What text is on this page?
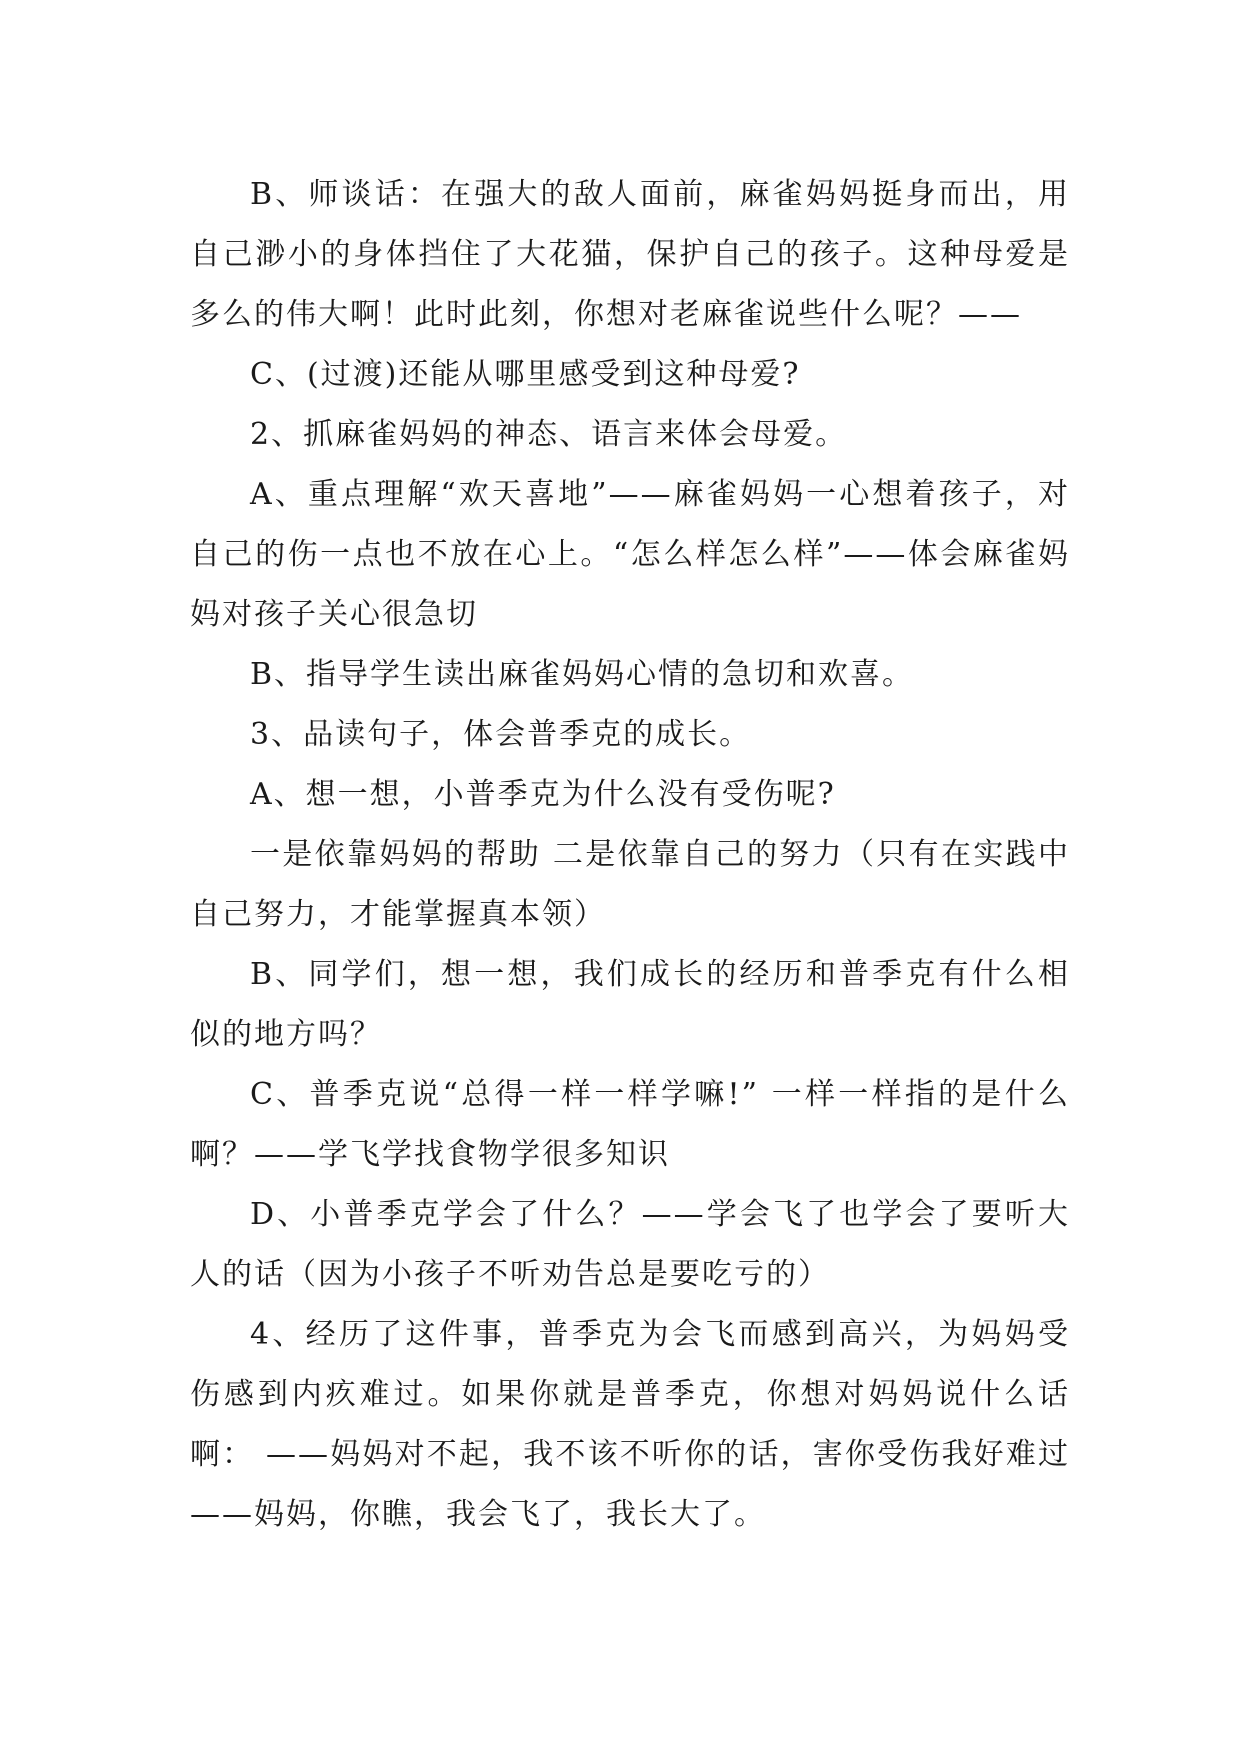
B、师谈话：在强大的敌人面前，麻雀妈妈挺身而出，用自己渺小的身体挡住了大花猫，保护自己的孩子。这种母爱是多么的伟大啊！此时此刻，你想对老麻雀说些什么呢？——

C、(过渡)还能从哪里感受到这种母爱?

2、抓麻雀妈妈的神态、语言来体会母爱。

A、重点理解“欢天喜地”——麻雀妈妈一心想着孩子，对自己的伤一点也不放在心上。“怎么样怎么样”——体会麻雀妈妈对孩子关心很急切

B、指导学生读出麻雀妈妈心情的急切和欢喜。

3、品读句子，体会普季克的成长。

A、想一想，小普季克为什么没有受伤呢?

一是依靠妈妈的帮助 二是依靠自己的努力（只有在实践中自己努力，才能掌握真本领）

B、同学们，想一想，我们成长的经历和普季克有什么相似的地方吗？

C、普季克说“总得一样一样学嘛!” 一样一样指的是什么啊？——学飞学找食物学很多知识

D、小普季克学会了什么？——学会飞了也学会了要听大人的话（因为小孩子不听劝告总是要吃亏的）

4、经历了这件事，普季克为会飞而感到高兴，为妈妈受伤感到内疚难过。如果你就是普季克，你想对妈妈说什么话啊： ——妈妈对不起，我不该不听你的话，害你受伤我好难过 ——妈妈，你瞧，我会飞了，我长大了。
